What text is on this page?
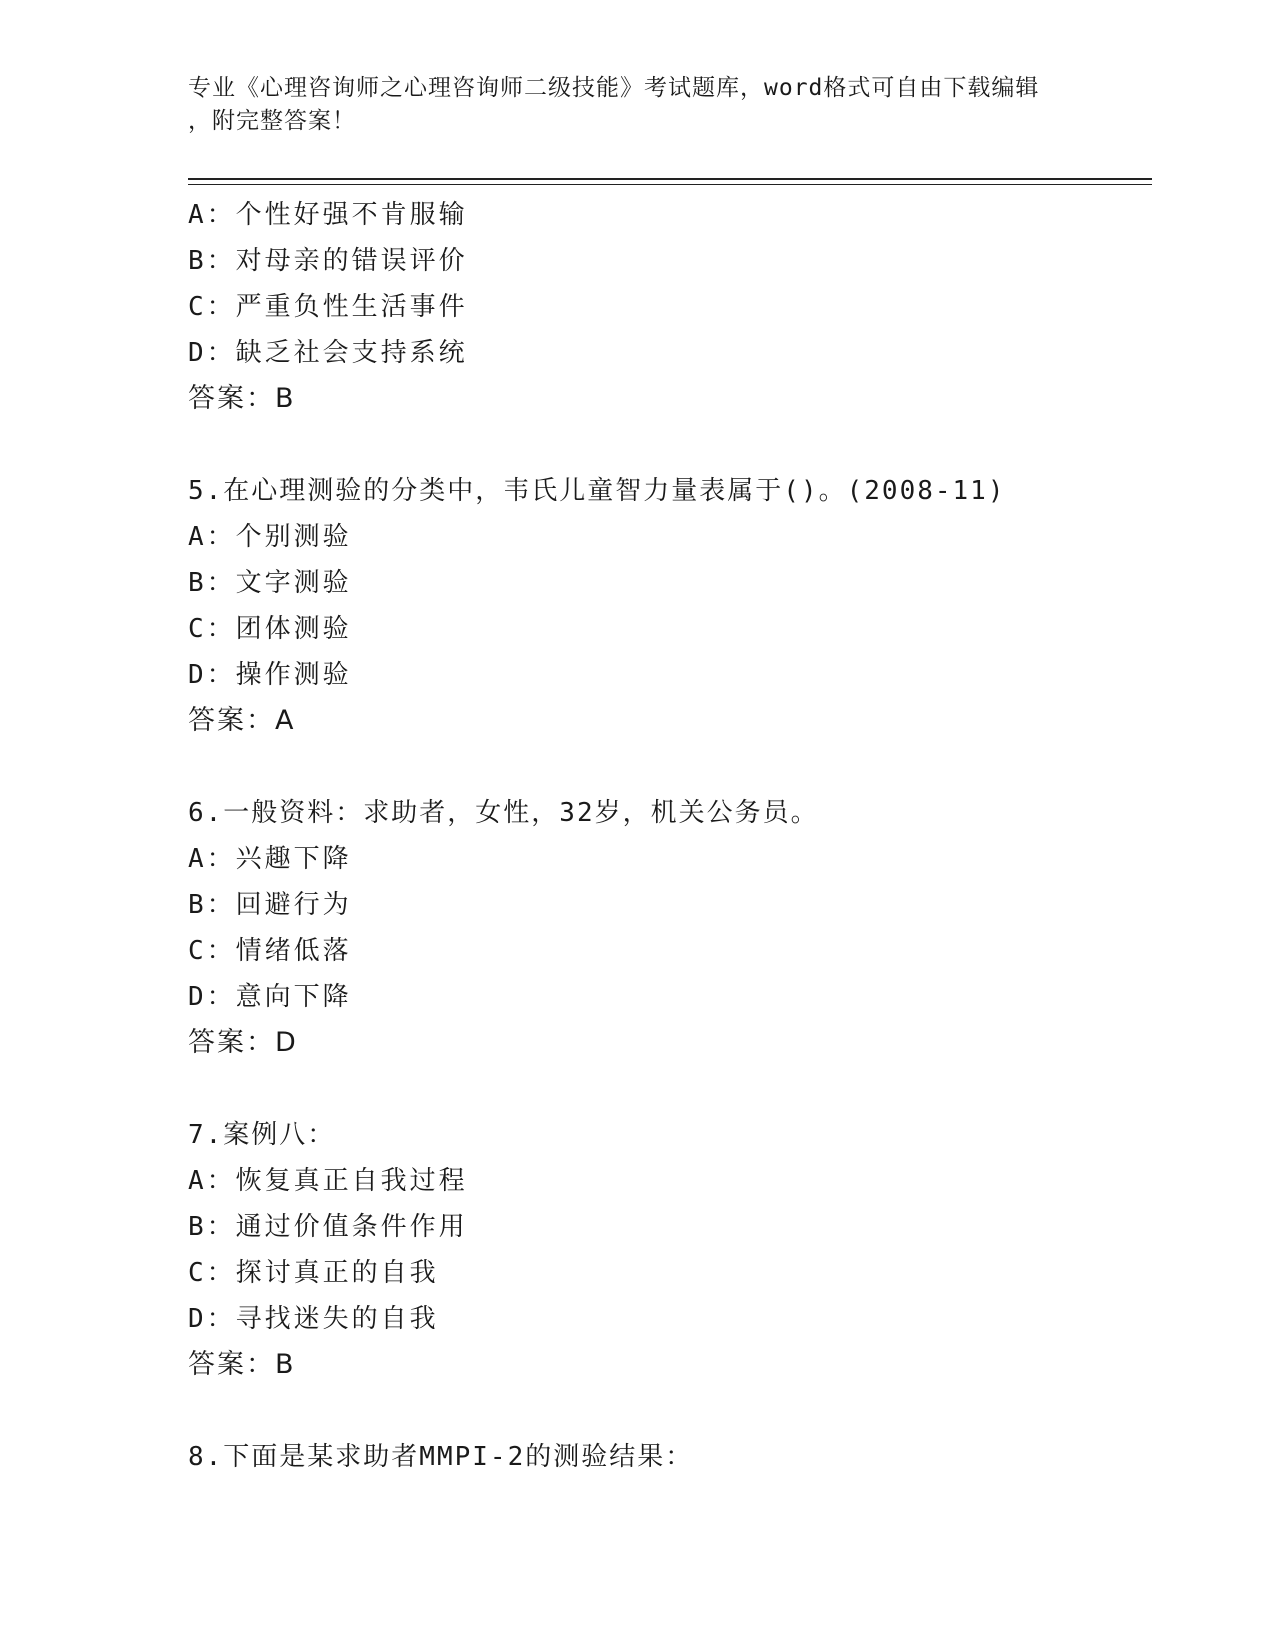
专业《心理咨询师之心理咨询师二级技能》考试题库，word格式可自由下载编辑
，附完整答案！
A：个性好强不肯服输
B：对母亲的错误评价
C：严重负性生活事件
D：缺乏社会支持系统
答案：B
5.在心理测验的分类中，韦氏儿童智力量表属于()。(2008-11)
A：个别测验
B：文字测验
C：团体测验
D：操作测验
答案：A
6.一般资料：求助者，女性，32岁，机关公务员。
A：兴趣下降
B：回避行为
C：情绪低落
D：意向下降
答案：D
7.案例八：
A：恢复真正自我过程
B：通过价值条件作用
C：探讨真正的自我
D：寻找迷失的自我
答案：B
8.下面是某求助者MMPI-2的测验结果：
